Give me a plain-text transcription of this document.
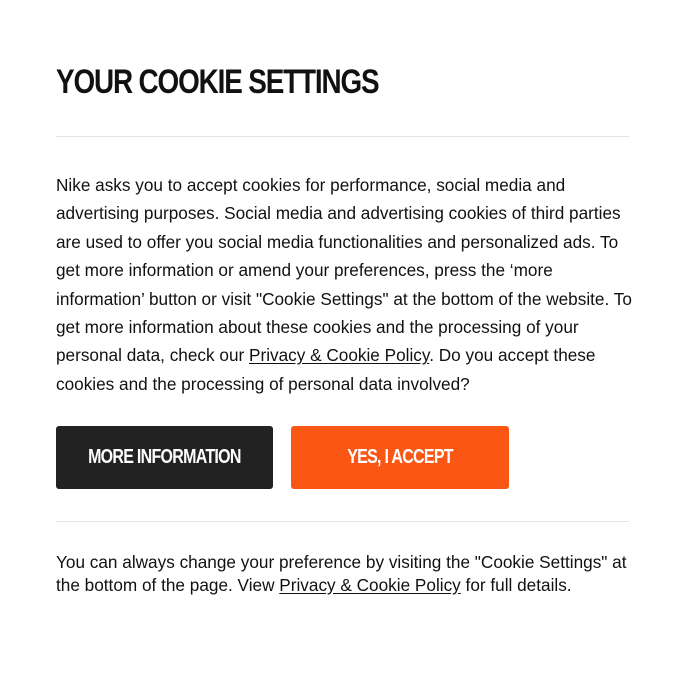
YOUR COOKIE SETTINGS

Nike asks you to accept cookies for performance, social media and advertising purposes. Social media and advertising cookies of third parties are used to offer you social media functionalities and personalized ads. To get more information or amend your preferences, press the ‘more information’ button or visit "Cookie Settings" at the bottom of the website. To get more information about these cookies and the processing of your personal data, check our Privacy & Cookie Policy. Do you accept these cookies and the processing of personal data involved?

MORE INFORMATION	YES, I ACCEPT

You can always change your preference by visiting the "Cookie Settings" at the bottom of the page. View Privacy & Cookie Policy for full details.
